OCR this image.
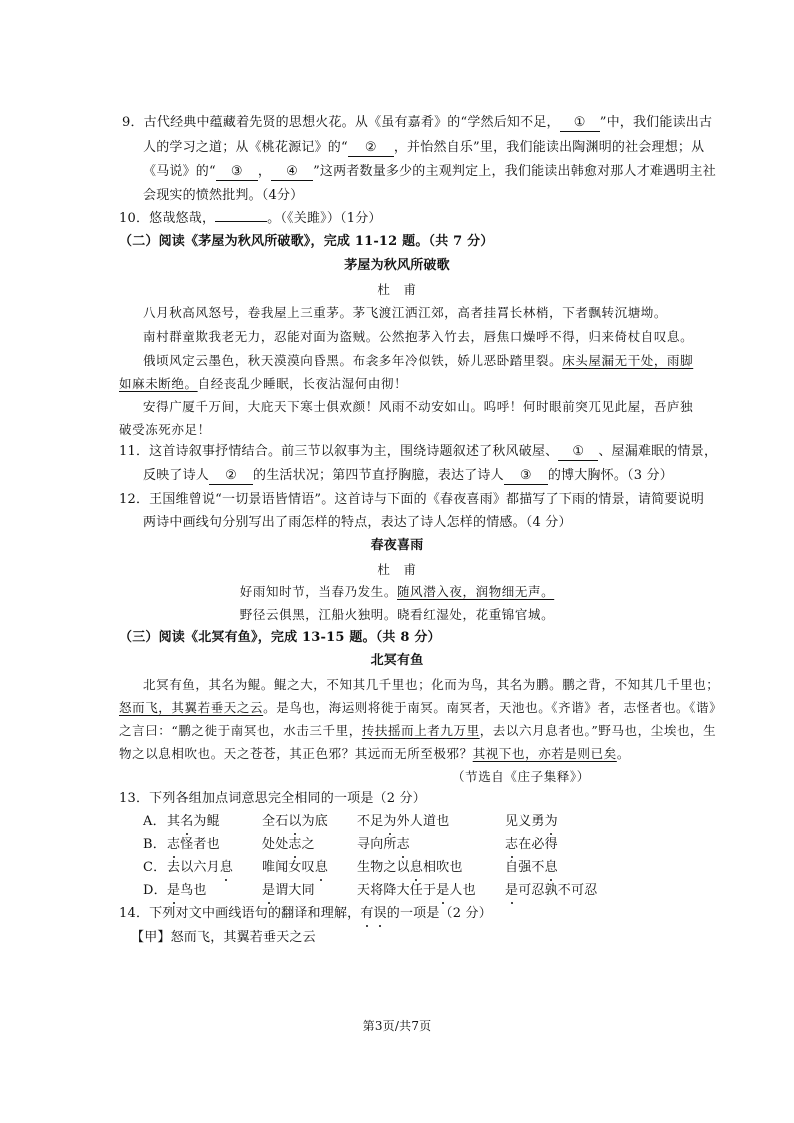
9．古代经典中蕴藏着先贤的思想火花。从《虽有嘉肴》的“学然后知不足， ① ”中，我们能读出古
人的学习之道；从《桃花源记》的“ ② ，并怡然自乐”里，我们能读出陶渊明的社会理想；从
《马说》的“ ③ ， ④ ”这两者数量多少的主观判定上，我们能读出韩愈对那人才难遇明主社
会现实的愤然批判。（4分）
10．悠哉悠哉，	。（《关雎》）（1分）
（二）阅读《茅屋为秋风所破歌》，完成 11-12 题。（共 7 分）
茅屋为秋风所破歌
杜　甫
八月秋高风怒号，卷我屋上三重茅。茅飞渡江洒江郊，高者挂罥长林梢，下者飘转沉塘坳。
南村群童欺我老无力，忍能对面为盗贼。公然抱茅入竹去，唇焦口燥呼不得，归来倚杖自叹息。
俄顷风定云墨色，秋天漠漠向昏黑。布衾多年冷似铁，娇儿恶卧踏里裂。床头屋漏无干处，雨脚
如麻未断绝。自经丧乱少睡眠，长夜沾湿何由彻！
安得广厦千万间，大庇天下寒士俱欢颜！风雨不动安如山。呜呼！何时眼前突兀见此屋，吾庐独
破受冻死亦足！
11．这首诗叙事抒情结合。前三节以叙事为主，围绕诗题叙述了秋风破屋、 ① 、屋漏难眠的情景，
反映了诗人 ② 的生活状况；第四节直抒胸臆，表达了诗人 ③ 的博大胸怀。（3 分）
12．王国维曾说“一切景语皆情语”。这首诗与下面的《春夜喜雨》都描写了下雨的情景，请简要说明
两诗中画线句分别写出了雨怎样的特点，表达了诗人怎样的情感。（4 分）
春夜喜雨
杜　甫
好雨知时节，当春乃发生。随风潜入夜，润物细无声。
野径云俱黑，江船火独明。晓看红湿处，花重锦官城。
（三）阅读《北冥有鱼》，完成 13-15 题。（共 8 分）
北冥有鱼
北冥有鱼，其名为鲲。鲲之大，不知其几千里也；化而为鸟，其名为鹏。鹏之背，不知其几千里也；
怒而飞，其翼若垂天之云。是鸟也，海运则将徙于南冥。南冥者，天池也。《齐谐》者，志怪者也。《谐》
之言曰：“鹏之徙于南冥也，水击三千里，抟扶摇而上者九万里，去以六月息者也。”野马也，尘埃也，生
物之以息相吹也。天之苍苍，其正色邪？其远而无所至极邪？其视下也，亦若是则已矣。
（节选自《庄子集释》）
13．下列各组加点词意思完全相同的一项是（2 分）
A． 其名为鲲	全石以为底 不足为外人道也	见义勇为
B． 志怪者也	处处志之	寻向所志	志在必得
C． 去以六月息 唯闻女叹息 生物之以息相吹也	自强不息
D． 是鸟也	是谓大同	天将降大任于是人也 是可忍孰不可忍
14．下列对文中画线语句的翻译和理解，有误的一项是（2 分）
【甲】怒而飞，其翼若垂天之云
第3页/共7页
